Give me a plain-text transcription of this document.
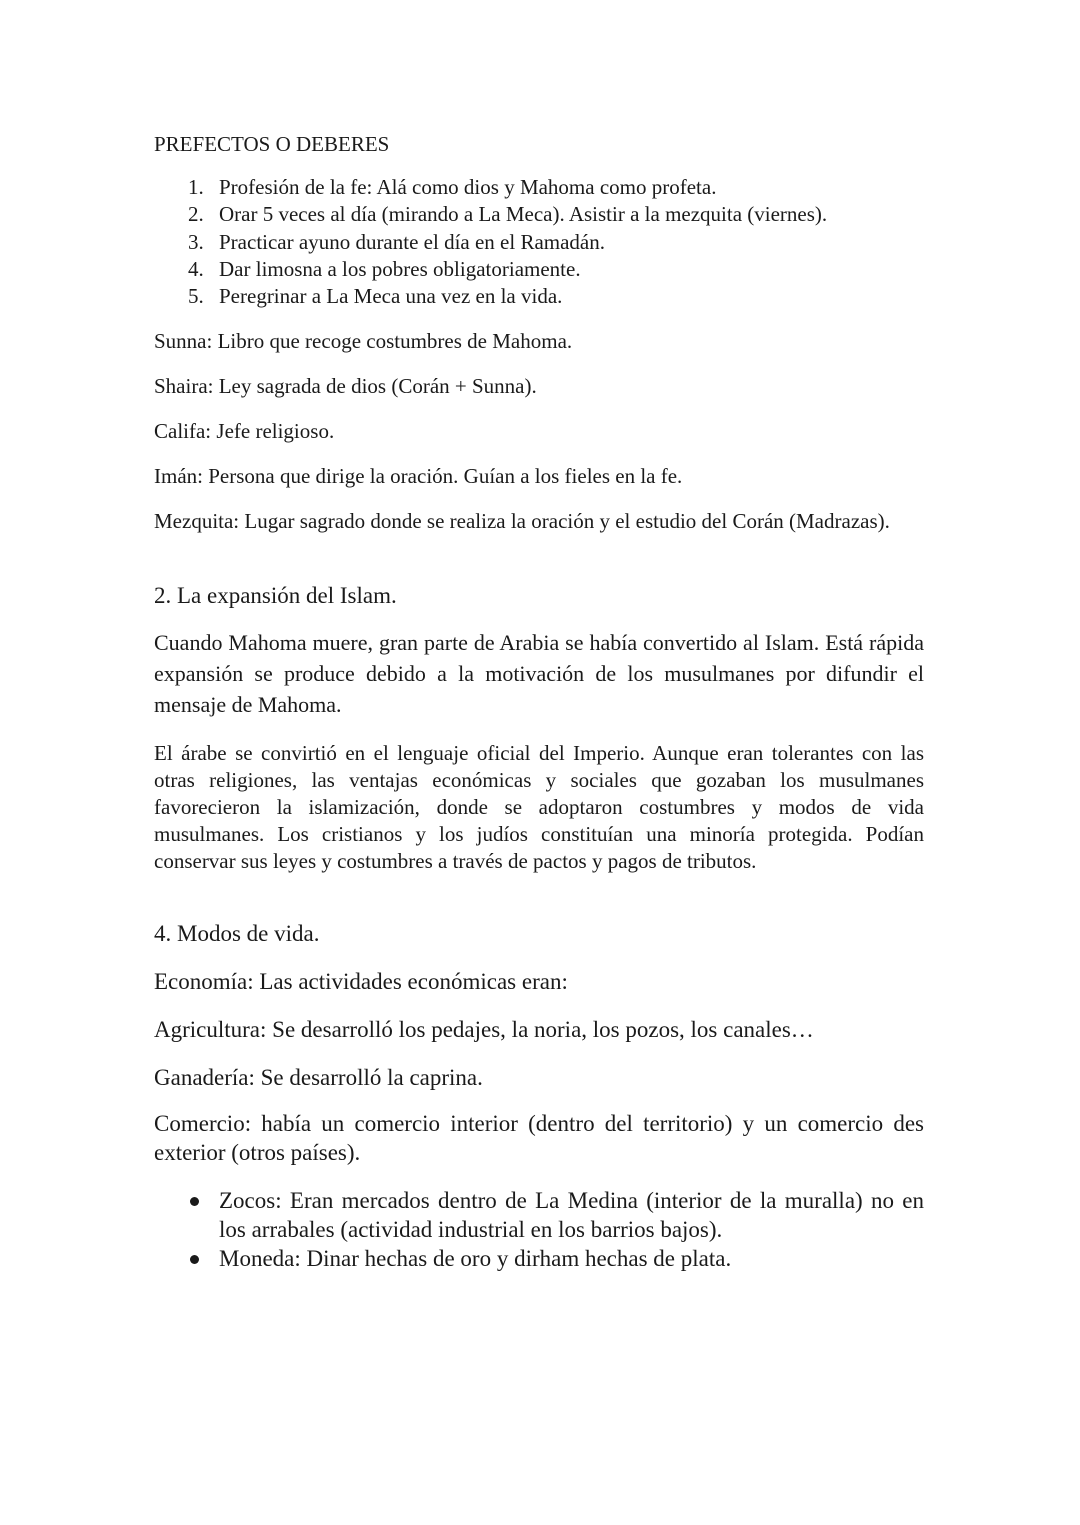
PREFECTOS O DEBERES

1. Profesión de la fe: Alá como dios y Mahoma como profeta.
2. Orar 5 veces al día (mirando a La Meca). Asistir a la mezquita (viernes).
3. Practicar ayuno durante el día en el Ramadán.
4. Dar limosna a los pobres obligatoriamente.
5. Peregrinar a La Meca una vez en la vida.

Sunna: Libro que recoge costumbres de Mahoma.

Shaira: Ley sagrada de dios (Corán + Sunna).

Califa: Jefe religioso.

Imán: Persona que dirige la oración. Guían a los fieles en la fe.

Mezquita: Lugar sagrado donde se realiza la oración y el estudio del Corán (Madrazas).

2. La expansión del Islam.

Cuando Mahoma muere, gran parte de Arabia se había convertido al Islam. Está rápida expansión se produce debido a la motivación de los musulmanes por difundir el mensaje de Mahoma.

El árabe se convirtió en el lenguaje oficial del Imperio. Aunque eran tolerantes con las otras religiones, las ventajas económicas y sociales que gozaban los musulmanes favorecieron la islamización, donde se adoptaron costumbres y modos de vida musulmanes. Los cristianos y los judíos constituían una minoría protegida. Podían conservar sus leyes y costumbres a través de pactos y pagos de tributos.

4. Modos de vida.

Economía: Las actividades económicas eran:

Agricultura: Se desarrolló los pedajes, la noria, los pozos, los canales…

Ganadería: Se desarrolló la caprina.

Comercio: había un comercio interior (dentro del territorio) y un comercio des exterior (otros países).

Zocos: Eran mercados dentro de La Medina (interior de la muralla) no en los arrabales (actividad industrial en los barrios bajos).
Moneda: Dinar hechas de oro y dirham hechas de plata.
